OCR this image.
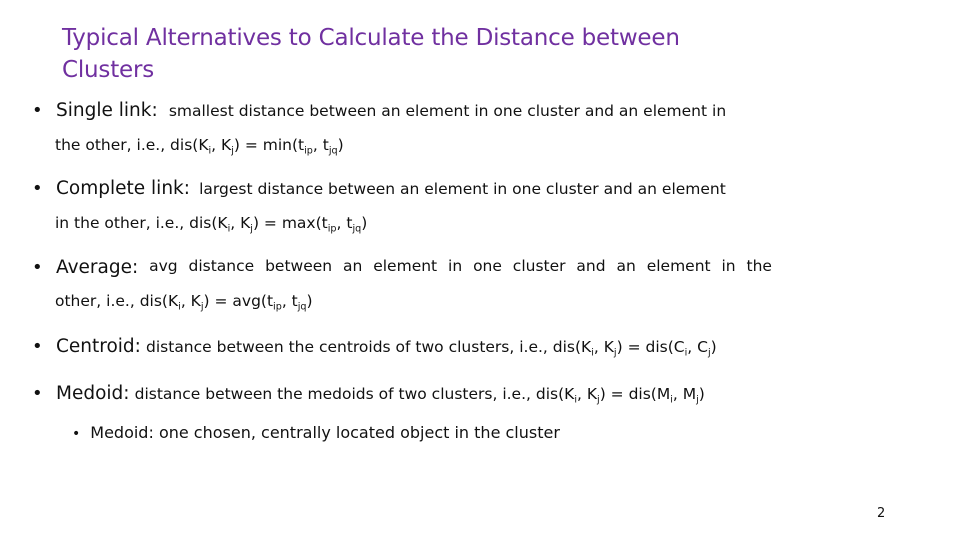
Typical Alternatives to Calculate the Distance between
Clusters
• Single link: smallest distance between an element in one cluster and an element in
the other, i.e., $dis(K_i$, $K_j) = \min(t_{ip}$, $t_{jq}$)
• Complete link: largest distance between an element in one cluster and an element
in the other, i.e., $dis(K_i$, $K_j) = \max(t_{ip}$, $t_{jq}$)
• Average: avg distance between an element in one cluster and an element in the
other, i.e., $dis(K_i$, $K_j) = avg(t_{ip}$, $t_{jq}$)
• Centroid: distance between the centroids of two clusters, i.e., $dis(K_i$, $K_j) = dis(C_i$, $C_j$)
• Medoid: distance between the medoids of two clusters, i.e., $dis(K_i$, $K_j) = dis(M_i$, $M_j$)
• Medoid: one chosen, centrally located object in the cluster
2
